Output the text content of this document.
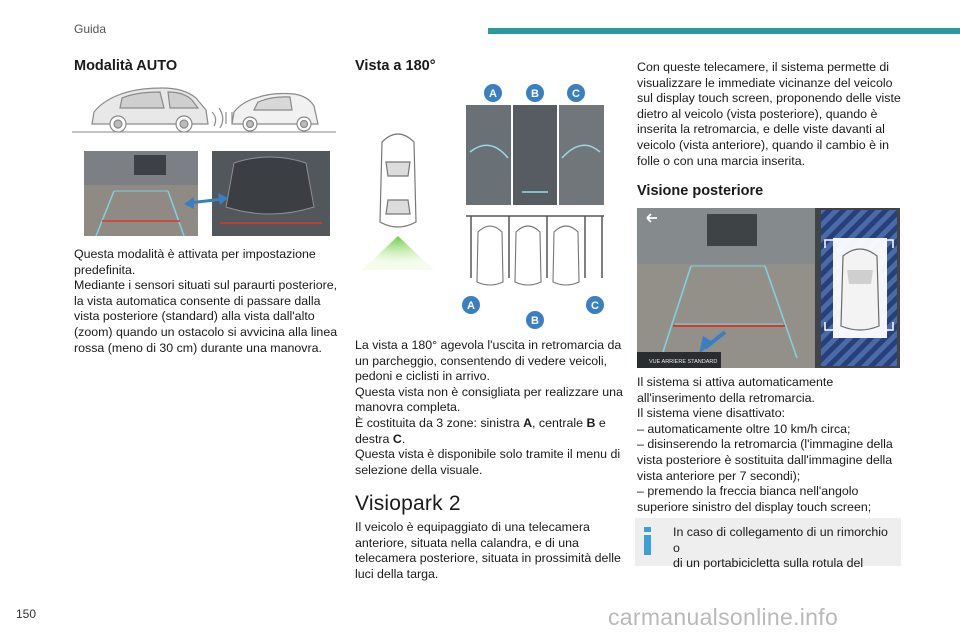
Guida
Modalità AUTO

Questa modalità è attivata per impostazione

predefinita.

Mediante i sensori situati sul paraurti posteriore,

la vista automatica consente di passare dalla

vista posteriore (standard) alla vista dall'alto

(zoom) quando un ostacolo si avvicina alla linea

rossa (meno di 30 cm) durante una manovra.

Vista a 180°
A	B	C
A
B
C

La vista a 180° agevola l'uscita in retromarcia da

un parcheggio, consentendo di vedere veicoli,

pedoni e ciclisti in arrivo.

Questa vista non è consigliata per realizzare una

manovra completa.

È costituita da 3 zone: sinistra A, centrale B e

destra C.

Questa vista è disponibile solo tramite il menu di

selezione della visuale.

Visiopark 2

Il veicolo è equipaggiato di una telecamera

anteriore, situata nella calandra, e di una

telecamera posteriore, situata in prossimità delle

luci della targa.

Con queste telecamere, il sistema permette di

visualizzare le immediate vicinanze del veicolo

sul display touch screen, proponendo delle viste

dietro al veicolo (vista posteriore), quando è

inserita la retromarcia, e delle viste davanti al

veicolo (vista anteriore), quando il cambio è in

folle o con una marcia inserita.

Visione posteriore
VUE ARRIERE STANDARD

Il sistema si attiva automaticamente

all'inserimento della retromarcia.

Il sistema viene disattivato:

– automaticamente oltre 10 km/h circa;

– disinserendo la retromarcia (l'immagine della

vista posteriore è sostituita dall'immagine della

vista anteriore per 7 secondi);

– premendo la freccia bianca nell'angolo

superiore sinistro del display touch screen;

In caso di collegamento di un rimorchio o
di un portabicicletta sulla rotula del
150	carmanualsonline.info
